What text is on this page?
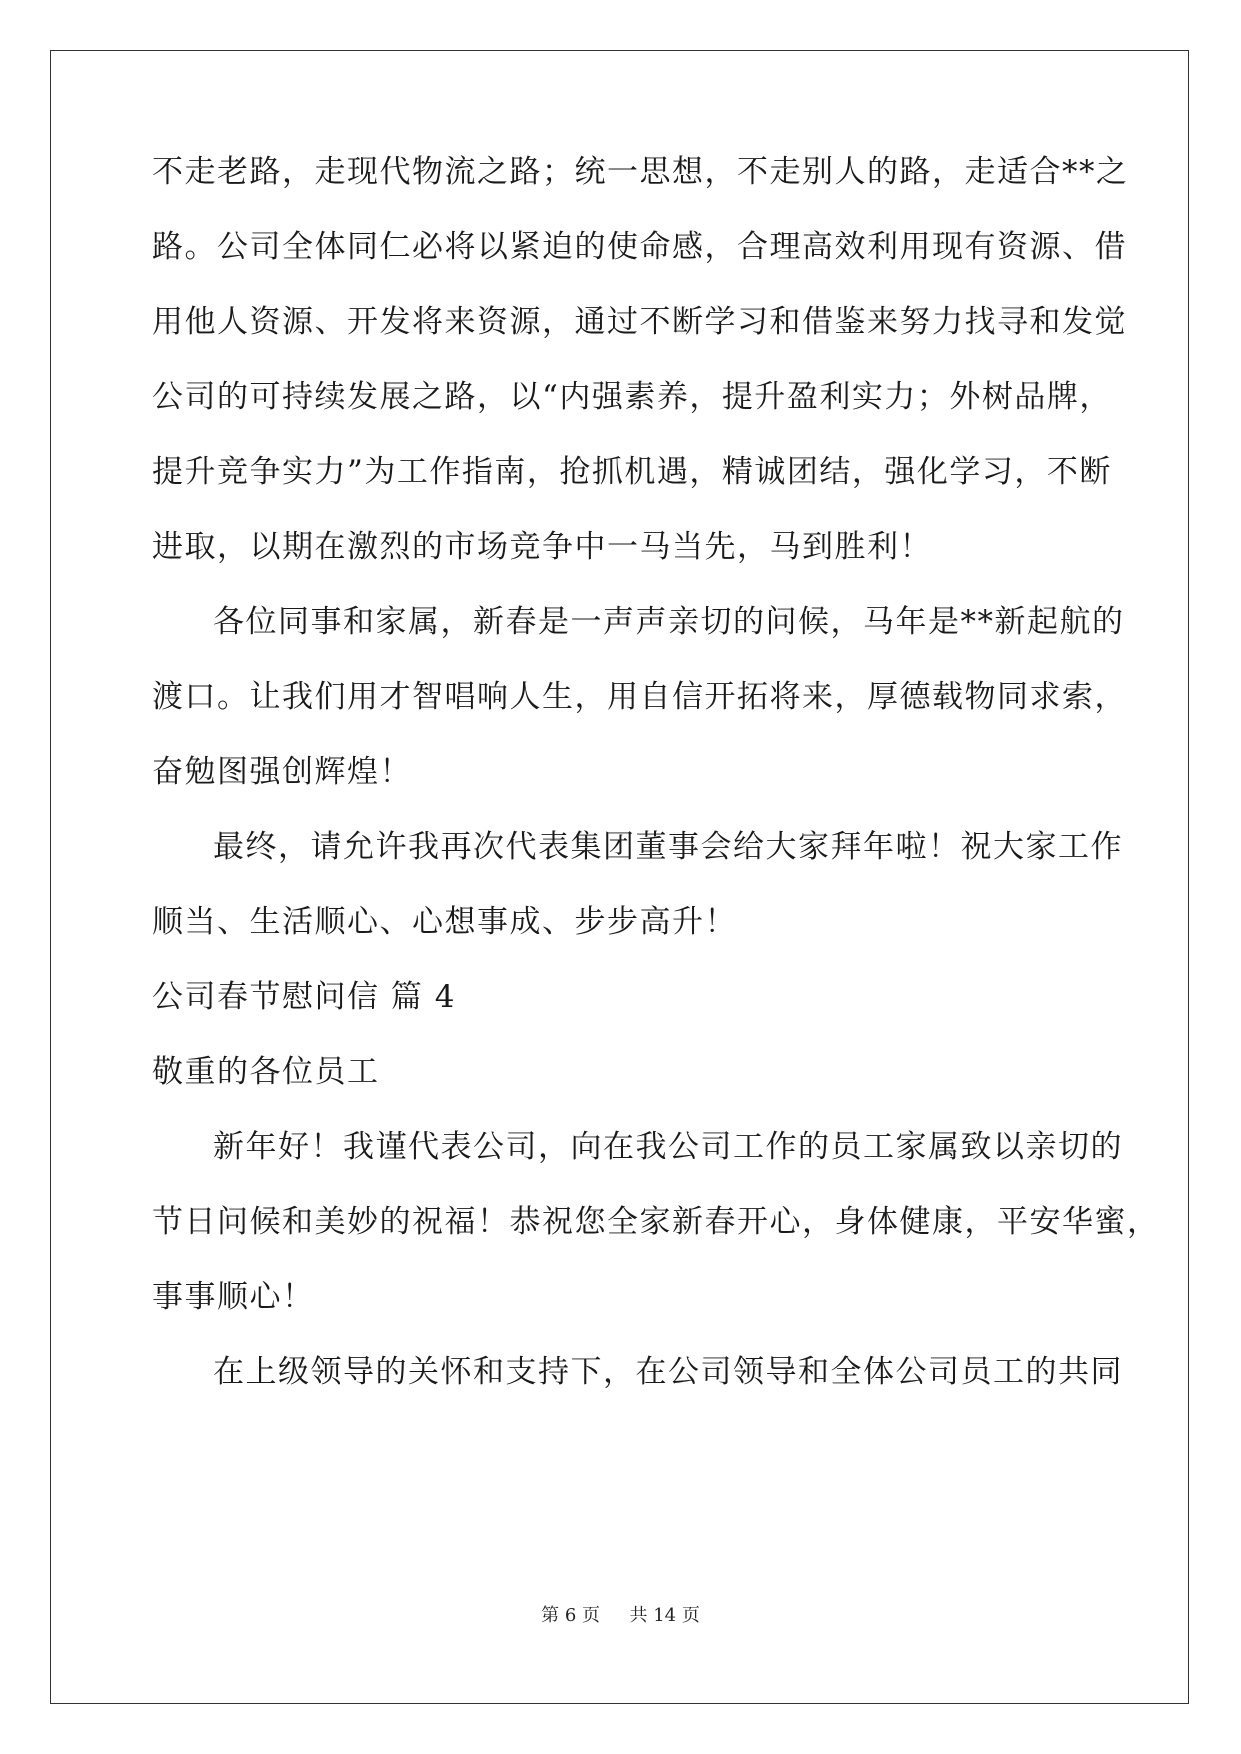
不走老路，走现代物流之路；统一思想，不走别人的路，走适合**之
路。公司全体同仁必将以紧迫的使命感，合理高效利用现有资源、借
用他人资源、开发将来资源，通过不断学习和借鉴来努力找寻和发觉
公司的可持续发展之路，以“内强素养，提升盈利实力；外树品牌，
提升竞争实力”为工作指南，抢抓机遇，精诚团结，强化学习，不断
进取，以期在激烈的市场竞争中一马当先，马到胜利！
各位同事和家属，新春是一声声亲切的问候，马年是**新起航的
渡口。让我们用才智唱响人生，用自信开拓将来，厚德载物同求索，
奋勉图强创辉煌！
最终，请允许我再次代表集团董事会给大家拜年啦！祝大家工作
顺当、生活顺心、心想事成、步步高升！
公司春节慰问信 篇 4
敬重的各位员工
新年好！我谨代表公司，向在我公司工作的员工家属致以亲切的
节日问候和美妙的祝福！恭祝您全家新春开心，身体健康，平安华蜜，
事事顺心！
在上级领导的关怀和支持下，在公司领导和全体公司员工的共同
第 6 页 共 14 页
